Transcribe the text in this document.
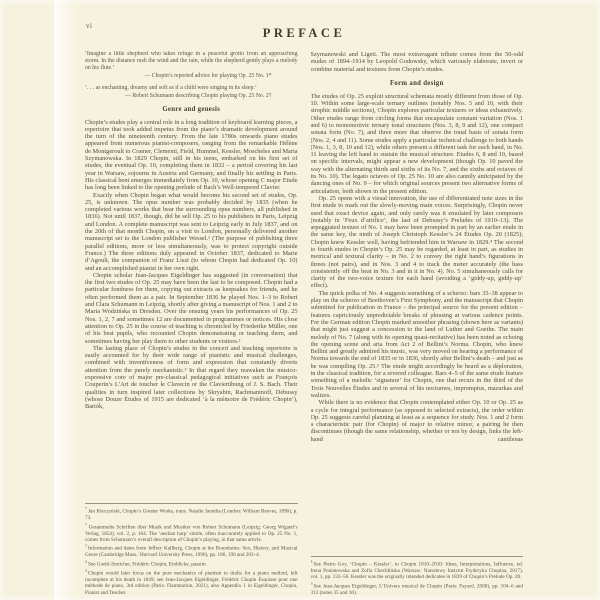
vi	PREFACE
‘Imagine a little shepherd who takes refuge in a peaceful grotto from an approaching storm. In the distance rush the wind and the rain, while the shepherd gently plays a melody on his flute.’
— Chopin’s reported advice for playing Op. 25 No. 1*
‘. . . as enchanting, dreamy and soft as if a child were singing in its sleep.’
— Robert Schumann describing Chopin playing Op. 25 No. 2†
Genre and genesis

Chopin’s etudes play a central role in a long tradition of keyboard learning pieces, a repertoire that took added impetus from the piano’s dramatic development around the turn of the nineteenth century. From the late 1780s onwards piano etudes appeared from numerous pianist-composers, ranging from the remarkable Hélène de Montgeroult to Cramer, Clementi, Field, Hummel, Kessler, Moscheles and Maria Szymanowska. In 1829 Chopin, still in his teens, embarked on his first set of etudes, the eventual Op. 10, completing them in 1832 – a period covering his last year in Warsaw, sojourns in Austria and Germany, and finally his settling in Paris. His classical bent emerges immediately from Op. 10, whose opening C major Etude has long been linked to the opening prelude of Bach’s Well-tempered Clavier.

Exactly when Chopin began what would become his second set of etudes, Op. 25, is unknown. The opus number was probably decided by 1835 (when he completed various works that bear the surrounding opus numbers, all published in 1836). Not until 1837, though, did he sell Op. 25 to his publishers in Paris, Leipzig and London. A complete manuscript was sent to Leipzig early in July 1837, and on the 20th of that month Chopin, on a visit to London, personally delivered another manuscript set to the London publisher Wessel.¹ (The purpose of publishing three parallel editions, more or less simultaneously, was to protect copyright outside France.) The three editions duly appeared in October 1837, dedicated to Marie d’Agoult, the companion of Franz Liszt (to whom Chopin had dedicated Op. 10) and an accomplished pianist in her own right.

Chopin scholar Jean-Jacques Eigeldinger has suggested (in conversation) that the first two etudes of Op. 25 may have been the last to be composed. Chopin had a particular fondness for them, copying out extracts as keepsakes for friends, and he often performed them as a pair. In September 1836 he played Nos. 1–3 to Robert and Clara Schumann in Leipzig, shortly after giving a manuscript of Nos. 1 and 2 to Maria Wodzińska in Dresden. Over the ensuing years his performances of Op. 25 Nos. 1, 2, 7 and sometimes 12 are documented in programmes or notices. His close attention to Op. 25 in the course of teaching is chronicled by Friederike Müller, one of his best pupils, who recounted Chopin demonstrating or teaching them, and sometimes having her play them to other students or visitors.²

The lasting place of Chopin’s etudes in the concert and teaching repertoire is easily accounted for by their wide range of pianistic and musical challenges, combined with inventiveness of form and expression that constantly diverts attention from the purely mechanistic.³ In that regard they reawaken the musico-expressive core of major pre-classical pedagogical initiatives such as François Couperin’s L’Art de toucher le Clavecin or the Clavierübung of J. S. Bach. Their qualities in turn inspired later collections by Skryabin, Rachmaninoff, Debussy (whose Douze Études of 1915 are dedicated ‘à la mémoire de Frédéric Chopin’), Bartók,

*Jan Kleczyński, Chopin’s Greater Works, trans. Natalie Janotha (London: William Reeves, 1896), p. 73.
†Gesammelte Schriften über Musik und Musiker von Robert Schumann (Leipzig: Georg Wigand’s Verlag, 1854), vol. 2, p. 104. The ‘aeolian harp’ simile, often inaccurately applied to Op. 25 No. 1, comes from Schumann’s overall description of Chopin’s playing, in that same article.
$^1$Information and dates from Jeffrey Kallberg, Chopin at the Boundaries: Sex, History, and Musical Genre (Cambridge Mass.: Harvard University Press, 1996), pp. 186, 190 and 203–4.
$^2$See Goebl-Streicher, Frédéric Chopin, Einblicke, passim.
$^3$Chopin would later focus on the pure mechanics of pianism in drafts for a piano method, left incomplete at his death in 1849; see Jean-Jacques Eigeldinger, Frédéric Chopin Esquisse pour une méthode de piano, 3rd edition (Paris: Flammarion, 2021), also Appendix 1 in Eigeldinger, Chopin, Pianist and Teacher.

Szymanowski and Ligeti. The most extravagant tribute comes from the 50-odd etudes of 1894–1914 by Leopold Godowsky, which variously elaborate, invert or combine material and textures from Chopin’s etudes.

Form and design

The etudes of Op. 25 exploit structural schemata mostly different from those of Op. 10. Within some large-scale ternary outlines (notably Nos. 5 and 10, with their strophic middle sections), Chopin explores particular textures or ideas exhaustively. Other etudes range from circling forms that encapsulate constant variation (Nos. 1 and 6) to monomotivic ternary tonal structures (Nos. 3, 8, 9 and 12), one compact sonata form (No. 7), and three more that observe the tonal basis of sonata form (Nos. 2, 4 and 11). Some etudes apply a particular technical challenge to both hands (Nos. 1, 3, 8, 10 and 12), while others present a different task for each hand, in No. 11 leaving the left hand to sustain the musical structure. Etudes 6, 8 and 10, based on specific intervals, might appear a new development (though Op. 10 paved the way with the alternating thirds and sixths of its No. 7, and the sixths and octaves of its No. 10). The legato octaves of Op. 25 No. 10 are also cannily anticipated by the dancing ones of No. 9 – for which original sources present two alternative forms of articulation, both shown in the present edition.

Op. 25 opens with a visual innovation, the use of differentiated note sizes in the first etude to mark out the slowly-moving main voices. Surprisingly, Chopin never used that exact device again, and only rarely was it emulated by later composers (notably in ‘Feux d’artifice’, the last of Debussy’s Preludes of 1910–13). The arpeggiated texture of No. 1 may have been prompted in part by an earlier etude in the same key, the ninth of Joseph Christoph Kessler’s 24 Études Op. 20 (1825); Chopin knew Kessler well, having befriended him in Warsaw in 1829.⁴ The second to fourth etudes in Chopin’s Op. 25 may be regarded, at least in part, as studies in metrical and textural clarity – in No. 2 to convey the right hand’s figurations in threes (not pairs), and in Nos. 3 and 4 to track the meter accurately (the bass consistently off the beat in No. 3 and in it in No. 4). No. 5 simultaneously calls for clarity of the two-voice texture for each hand (avoiding a ‘giddy-up, giddy-up’ effect).

The quick polka of No. 4 suggests something of a scherzo: bars 35–38 appear to play on the scherzo of Beethoven’s First Symphony, and the manuscript that Chopin submitted for publication in France – the principal source for the present edition – features capriciously unpredictable breaks of phrasing at various cadence points. For the German edition Chopin marked smoother phrasing (shown here as variants) that might just suggest a concession to the land of Luther and Goethe. The main melody of No. 7 (along with its opening quasi-recitative) has been noted as echoing the opening scene and aria from Act 2 of Bellini’s Norma. Chopin, who knew Bellini and greatly admired his music, was very moved on hearing a performance of Norma towards the end of 1835 or in 1836, shortly after Bellini’s death – and just as he was compiling Op. 25.⁵ The etude might accordingly be heard as a déploration, in the classical tradition, for a revered colleague. Bars 4–5 of the same etude feature something of a melodic ‘signature’ for Chopin, one that recurs in the third of the Trois Nouvelles Études and in several of his nocturnes, impromptus, mazurkas and waltzes.

While there is no evidence that Chopin contemplated either Op. 10 or Op. 25 as a cycle for integral performance (as opposed to selected extracts), the order within Op. 25 suggests careful planning at least as a sequence for study. Nos. 1 and 2 form a characteristic pair (for Chopin) of major to relative minor, a pairing he then discontinues (though the same relationship, whether or not by design, links the left-hand cantilenas

$^4$See Pietro Goy, ‘Chopin – Kessler’, in Chopin 1810–2010: Ideas, Interpretations, Influence, ed. Irena Poniatowska and Zofia Chechlińska (Warsaw: Narodowy Instytut Fryderyka Chopina, 2017), vol. 1, pp. 133–56. Kessler was the originally intended dedicatee in 1839 of Chopin’s Prelude Op. 28.
$^5$See Jean-Jacques Eigeldinger, L’Univers musical de Chopin (Paris: Fayard, 2000), pp. 104–6 and 312 (notes 35 and 36).
